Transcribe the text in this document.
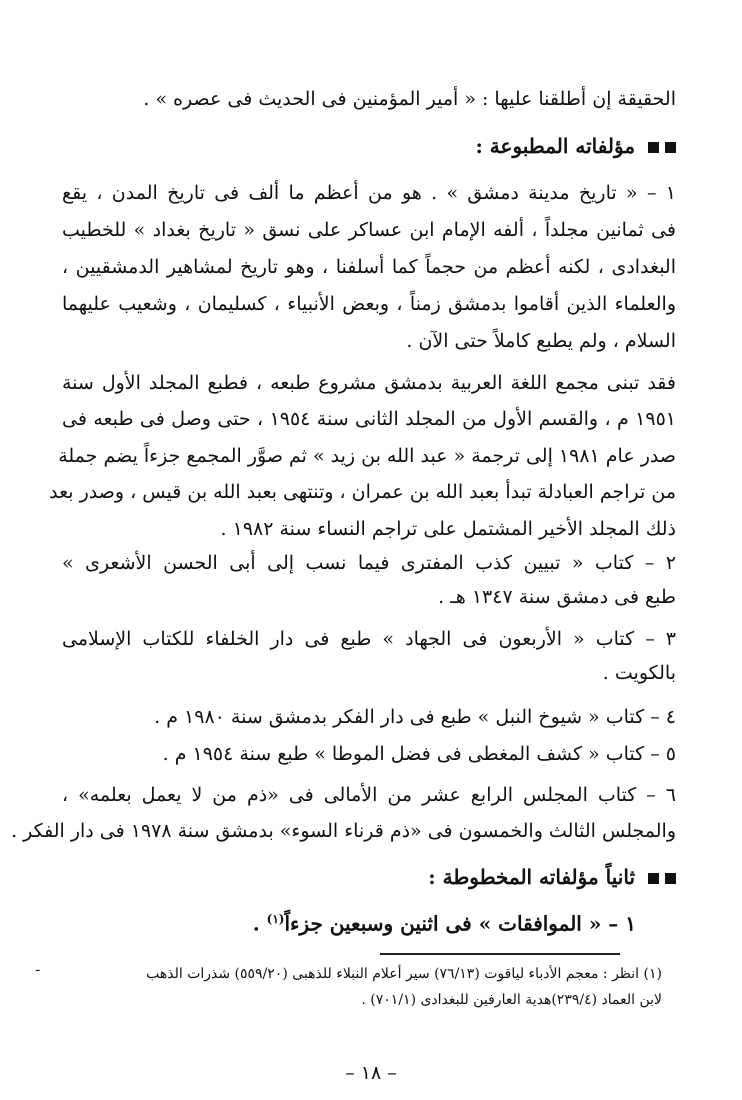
الحقيقة إن أطلقنا عليها : « أمير المؤمنين فى الحديث فى عصره » .
مؤلفاته المطبوعة :
١ – « تاريخ مدينة دمشق » . هو من أعظم ما ألف فى تاريخ المدن ، يقع
فى ثمانين مجلداً ، ألفه الإمام ابن عساكر على نسق « تاريخ بغداد » للخطيب
البغدادى ، لكنه أعظم من حجماً كما أسلفنا ، وهو تاريخ لمشاهير الدمشقيين ،
والعلماء الذين أقاموا بدمشق زمناً ، وبعض الأنبياء ، كسليمان ، وشعيب عليهما
السلام ، ولم يطبع كاملاً حتى الآن .
فقد تبنى مجمع اللغة العربية بدمشق مشروع طبعه ، فطبع المجلد الأول سنة
١٩٥١ م ، والقسم الأول من المجلد الثانى سنة ١٩٥٤ ، حتى وصل فى طبعه فى
صدر عام ١٩٨١ إلى ترجمة « عبد الله بن زيد » ثم صوَّر المجمع جزءاً يضم جملة
من تراجم العبادلة تبدأ بعبد الله بن عمران ، وتنتهى بعبد الله بن قيس ، وصدر بعد
ذلك المجلد الأخير المشتمل على تراجم النساء سنة ١٩٨٢ .
٢ – كتاب « تبيين كذب المفترى فيما نسب إلى أبى الحسن الأشعرى »
طبع فى دمشق سنة ١٣٤٧ هـ .
٣ – كتاب « الأربعون فى الجهاد » طبع فى دار الخلفاء للكتاب الإسلامى
بالكويت .
٤ – كتاب « شيوخ النبل » طبع فى دار الفكر بدمشق سنة ١٩٨٠ م .
٥ – كتاب « كشف المغطى فى فضل الموطا » طبع سنة ١٩٥٤ م .
٦ – كتاب المجلس الرابع عشر من الأمالى فى «ذم من لا يعمل بعلمه» ،
والمجلس الثالث والخمسون فى «ذم قرناء السوء» بدمشق سنة ١٩٧٨ فى دار الفكر .
ثانياً مؤلفاته المخطوطة :
١ – « الموافقات » فى اثنين وسبعين جزءاً$^{(١)}$ .
ـ	(١) انظر : معجم الأدباء لياقوت (٧٦/١٣) سير أعلام النبلاء للذهبى (٥٥٩/٢٠) شذرات الذهب
لابن العماد (٢٣٩/٤)هدية العارفين للبغدادى (٧٠١/١) .
– ١٨ –
